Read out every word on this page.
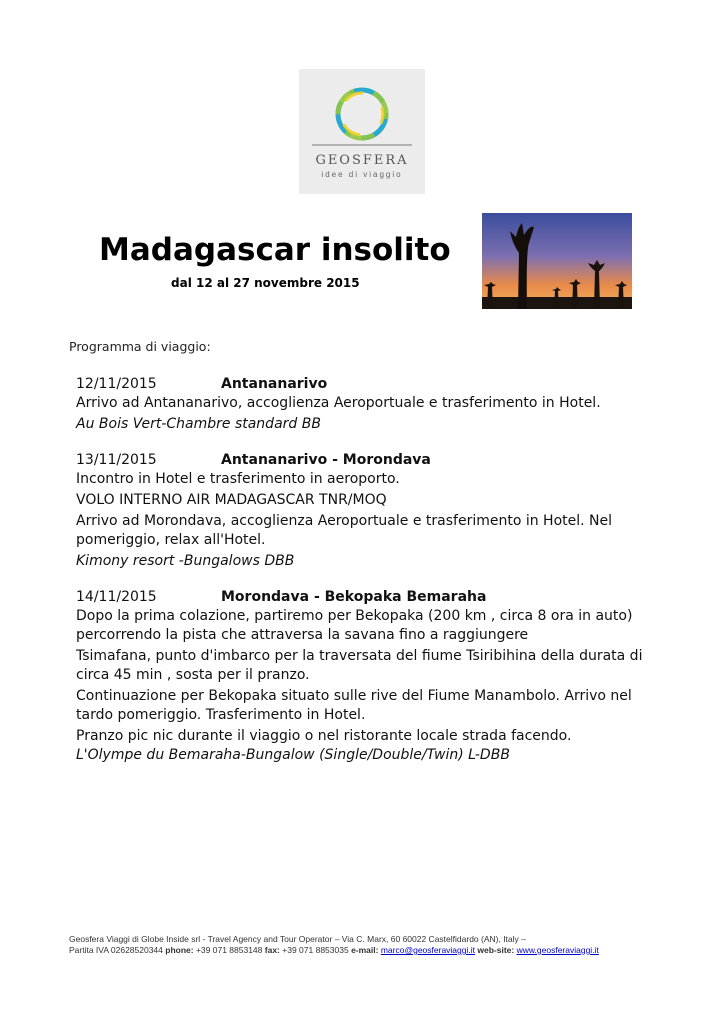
GEOSFERA
idee di viaggio
Madagascar insolito
dal 12 al 27 novembre 2015
Programma di viaggio:
12/11/2015	Antananarivo

Arrivo ad Antananarivo, accoglienza Aeroportuale e trasferimento in Hotel.

Au Bois Vert-Chambre standard BB

13/11/2015	Antananarivo - Morondava

Incontro in Hotel e trasferimento in aeroporto.

VOLO INTERNO AIR MADAGASCAR TNR/MOQ

Arrivo ad Morondava, accoglienza Aeroportuale e trasferimento in Hotel. Nel pomeriggio, relax all'Hotel.

Kimony resort -Bungalows DBB

14/11/2015	Morondava - Bekopaka Bemaraha

Dopo la prima colazione, partiremo per Bekopaka (200 km , circa 8 ora in auto) percorrendo la pista che attraversa la savana fino a raggiungere

Tsimafana, punto d'imbarco per la traversata del fiume Tsiribihina della durata di circa 45 min , sosta per il pranzo.

Continuazione per Bekopaka situato sulle rive del Fiume Manambolo. Arrivo nel tardo pomeriggio. Trasferimento in Hotel.

Pranzo pic nic durante il viaggio o nel ristorante locale strada facendo.

L'Olympe du Bemaraha-Bungalow (Single/Double/Twin) L-DBB

Geosfera Viaggi di Globe Inside srl - Travel Agency and Tour Operator – Via C. Marx, 60 60022 Castelfidardo (AN), Italy –
Partita IVA 02628520344 phone: +39 071 8853148 fax: +39 071 8853035 e-mail: marco@geosferaviaggi.it web-site: www.geosferaviaggi.it
